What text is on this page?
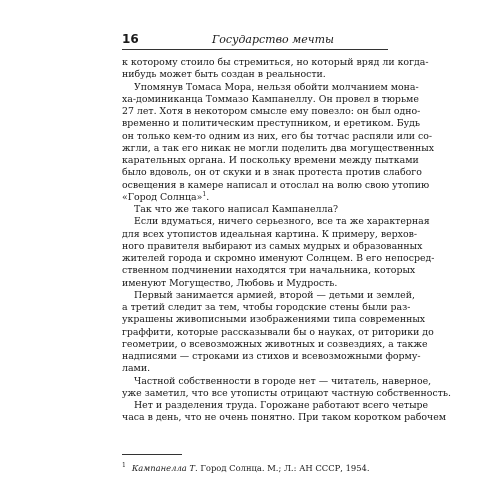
16	Государство мечты
к которому стоило бы стремиться, но который вряд ли когда-
нибудь может быть создан в реальности.
Упомянув Томаса Мора, нельзя обойти молчанием мона-
ха-доминиканца Томмазо Кампанеллу. Он провел в тюрьме
27 лет. Хотя в некотором смысле ему повезло: он был одно-
временно и политическим преступником, и еретиком. Будь
он только кем-то одним из них, его бы тотчас распяли или со-
жгли, а так его никак не могли поделить два могущественных
карательных органа. И поскольку времени между пытками
было вдоволь, он от скуки и в знак протеста против слабого
освещения в камере написал и отослал на волю свою утопию
«Город Солнца»$^1$.
Так что же такого написал Кампанелла?
Если вдуматься, ничего серьезного, все та же характерная
для всех утопистов идеальная картина. К примеру, верхов-
ного правителя выбирают из самых мудрых и образованных
жителей города и скромно именуют Солнцем. В его непосред-
ственном подчинении находятся три начальника, которых
именуют Могущество, Любовь и Мудрость.
Первый занимается армией, второй — детьми и землей,
а третий следит за тем, чтобы городские стены были раз-
украшены живописными изображениями типа современных
граффити, которые рассказывали бы о науках, от риторики до
геометрии, о всевозможных животных и созвездиях, а также
надписями — строками из стихов и всевозможными форму-
лами.
Частной собственности в городе нет — читатель, наверное,
уже заметил, что все утописты отрицают частную собственность.
Нет и разделения труда. Горожане работают всего четыре
часа в день, что не очень понятно. При таком коротком рабочем
$^1$ Кампанелла Т. Город Солнца. М.; Л.: АН СССР, 1954.
